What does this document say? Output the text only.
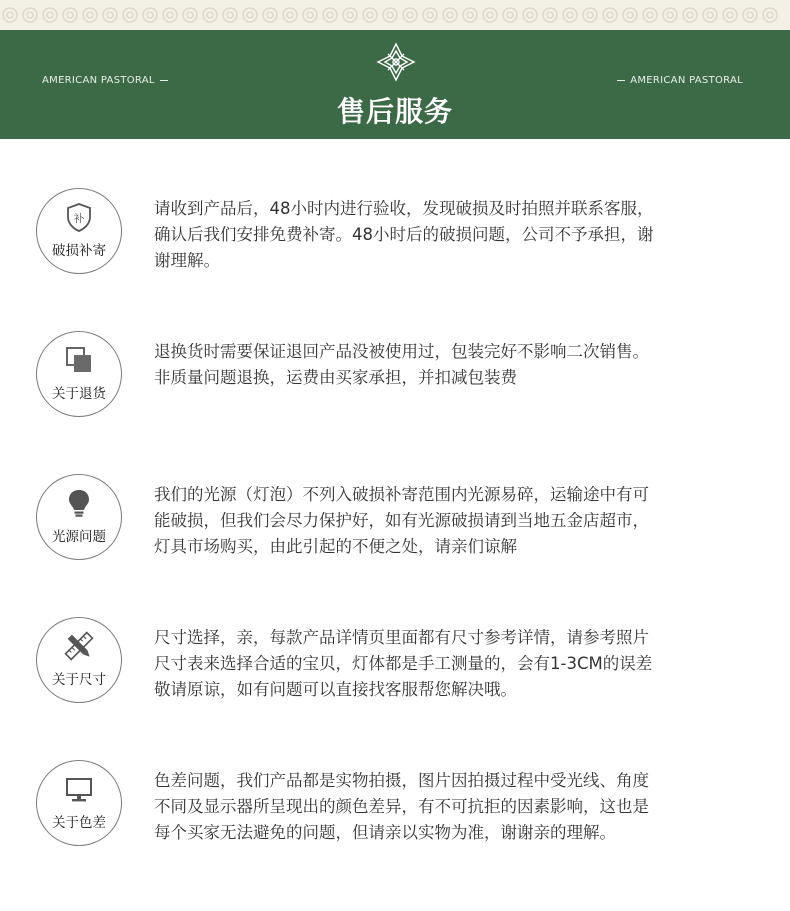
AMERICAN PASTORAL	AMERICAN PASTORAL
售后服务
补
破损补寄

请收到产品后，48小时内进行验收，发现破损及时拍照并联系客服，

确认后我们安排免费补寄。48小时后的破损问题，公司不予承担，谢

谢理解。

关于退货

退换货时需要保证退回产品没被使用过，包装完好不影响二次销售。

非质量问题退换，运费由买家承担，并扣减包装费

光源问题

我们的光源（灯泡）不列入破损补寄范围内光源易碎，运输途中有可

能破损，但我们会尽力保护好，如有光源破损请到当地五金店超市，

灯具市场购买，由此引起的不便之处，请亲们谅解

关于尺寸

尺寸选择，亲，每款产品详情页里面都有尺寸参考详情，请参考照片

尺寸表来选择合适的宝贝，灯体都是手工测量的，会有1-3CM的误差

敬请原谅，如有问题可以直接找客服帮您解决哦。

关于色差

色差问题，我们产品都是实物拍摄，图片因拍摄过程中受光线、角度

不同及显示器所呈现出的颜色差异，有不可抗拒的因素影响，这也是

每个买家无法避免的问题，但请亲以实物为准，谢谢亲的理解。
